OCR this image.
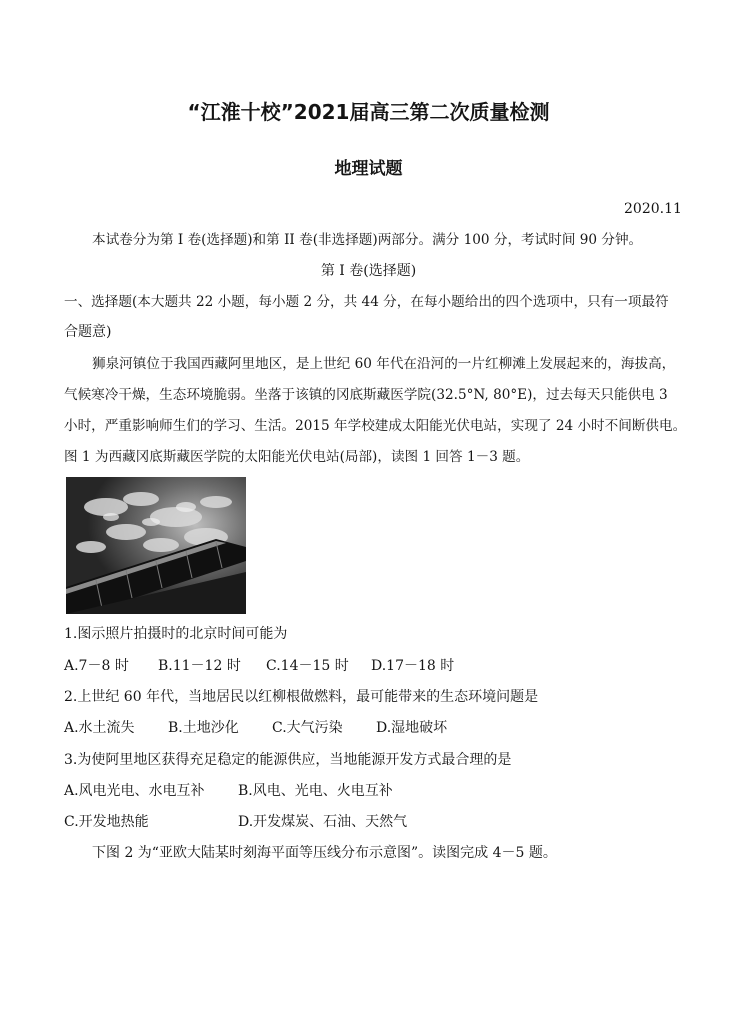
“江淮十校”2021届高三第二次质量检测
地理试题
2020.11
本试卷分为第 I 卷(选择题)和第 II 卷(非选择题)两部分。满分 100 分，考试时间 90 分钟。
第 I 卷(选择题)
一、选择题(本大题共 22 小题，每小题 2 分，共 44 分，在每小题给出的四个选项中，只有一项最符
合题意)
狮泉河镇位于我国西藏阿里地区，是上世纪 60 年代在沿河的一片红柳滩上发展起来的，海拔高，
气候寒冷干燥，生态环境脆弱。坐落于该镇的冈底斯藏医学院(32.5°N, 80°E)，过去每天只能供电 3
小时，严重影响师生们的学习、生活。2015 年学校建成太阳能光伏电站，实现了 24 小时不间断供电。
图 1 为西藏冈底斯藏医学院的太阳能光伏电站(局部)，读图 1 回答 1－3 题。
1.图示照片拍摄时的北京时间可能为
A.7－8 时 B.11－12 时 C.14－15 时 D.17－18 时
2.上世纪 60 年代，当地居民以红柳根做燃料，最可能带来的生态环境问题是
A.水土流失 B.土地沙化 C.大气污染 D.湿地破坏
3.为使阿里地区获得充足稳定的能源供应，当地能源开发方式最合理的是
A.风电光电、水电互补 B.风电、光电、火电互补
C.开发地热能	D.开发煤炭、石油、天然气
下图 2 为“亚欧大陆某时刻海平面等压线分布示意图”。读图完成 4－5 题。
